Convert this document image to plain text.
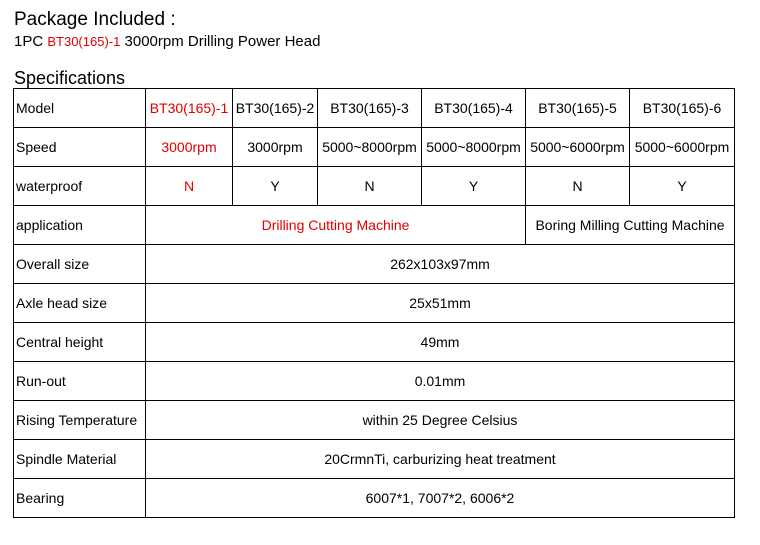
Package Included :
1PC BT30(165)-1 3000rpm Drilling Power Head
Specifications
Model	BT30(165)-1	BT30(165)-2	BT30(165)-3	BT30(165)-4	BT30(165)-5	BT30(165)-6
Speed	3000rpm	3000rpm	5000~8000rpm	5000~8000rpm	5000~6000rpm	5000~6000rpm
waterproof	N	Y	N	Y	N	Y
application	Drilling Cutting Machine				Boring Milling Cutting Machine	
Overall size	262x103x97mm					
Axle head size	25x51mm					
Central height	49mm					
Run-out	0.01mm					
Rising Temperature	within 25 Degree Celsius					
Spindle Material	20CrmnTi, carburizing heat treatment					
Bearing	6007*1, 7007*2, 6006*2					
